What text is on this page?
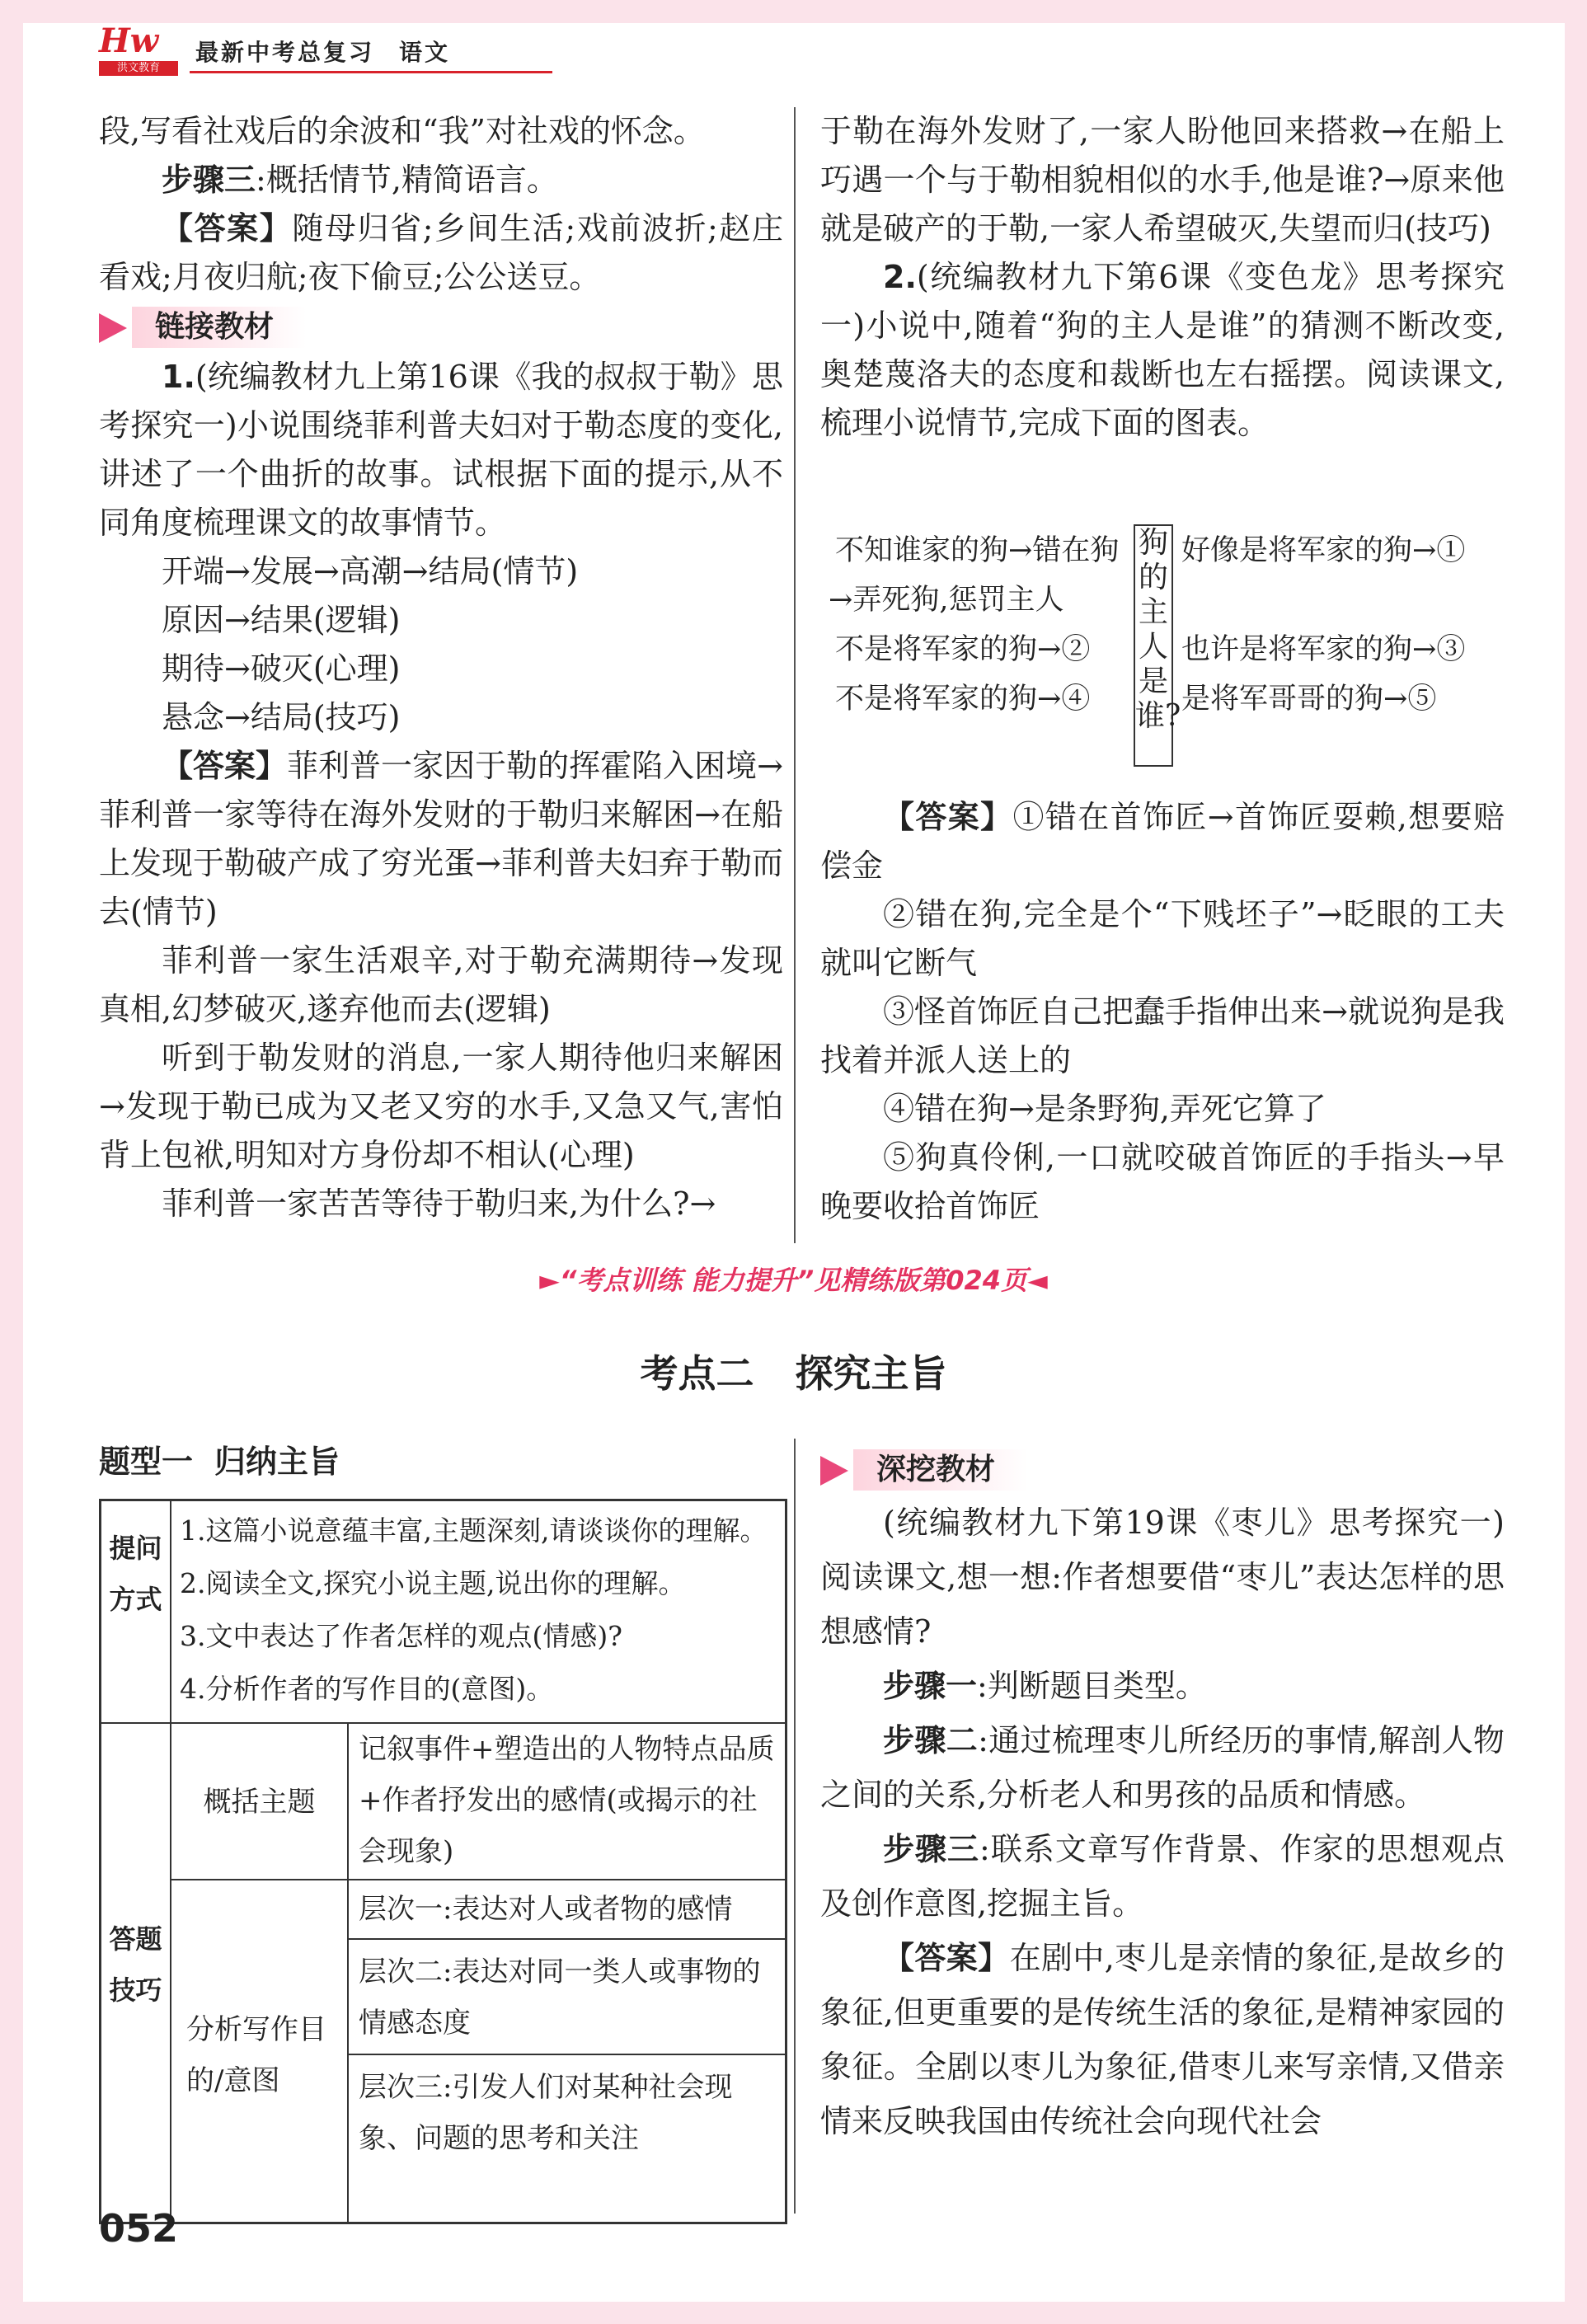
Hw
洪文教育
最新中考总复习 语文

段,写看社戏后的余波和“我”对社戏的怀念。

步骤三:概括情节,精简语言。

【答案】随母归省;乡间生活;戏前波折;赵庄看戏;月夜归航;夜下偷豆;公公送豆。

链接教材

1.(统编教材九上第16课《我的叔叔于勒》思考探究一)小说围绕菲利普夫妇对于勒态度的变化,讲述了一个曲折的故事。试根据下面的提示,从不同角度梳理课文的故事情节。

开端→发展→高潮→结局(情节)

原因→结果(逻辑)

期待→破灭(心理)

悬念→结局(技巧)

【答案】菲利普一家因于勒的挥霍陷入困境→菲利普一家等待在海外发财的于勒归来解困→在船上发现于勒破产成了穷光蛋→菲利普夫妇弃于勒而去(情节)

菲利普一家生活艰辛,对于勒充满期待→发现真相,幻梦破灭,遂弃他而去(逻辑)

听到于勒发财的消息,一家人期待他归来解困→发现于勒已成为又老又穷的水手,又急又气,害怕背上包袱,明知对方身份却不相认(心理)

菲利普一家苦苦等待于勒归来,为什么?→

于勒在海外发财了,一家人盼他回来搭救→在船上巧遇一个与于勒相貌相似的水手,他是谁?→原来他就是破产的于勒,一家人希望破灭,失望而归(技巧)

2.(统编教材九下第6课《变色龙》思考探究一)小说中,随着“狗的主人是谁”的猜测不断改变,奥楚蔑洛夫的态度和裁断也左右摇摆。阅读课文,梳理小说情节,完成下面的图表。

不知谁家的狗→错在狗
→弄死狗,惩罚主人
不是将军家的狗→②
不是将军家的狗→④
狗的主人是谁?
好像是将军家的狗→①
也许是将军家的狗→③
是将军哥哥的狗→⑤

【答案】①错在首饰匠→首饰匠耍赖,想要赔偿金

②错在狗,完全是个“下贱坯子”→眨眼的工夫就叫它断气

③怪首饰匠自己把蠢手指伸出来→就说狗是我找着并派人送上的

④错在狗→是条野狗,弄死它算了

⑤狗真伶俐,一口就咬破首饰匠的手指头→早晚要收拾首饰匠

►“考点训练 能力提升”见精练版第024页◄
考点二 探究主旨
题型一 归纳主旨
提问方式
1.这篇小说意蕴丰富,主题深刻,请谈谈你的理解。
2.阅读全文,探究小说主题,说出你的理解。
3.文中表达了作者怎样的观点(情感)?
4.分析作者的写作目的(意图)。
答题技巧
概括主题
记叙事件+塑造出的人物特点品质+作者抒发出的感情(或揭示的社会现象)
分析写作目的/意图
层次一:表达对人或者物的感情
层次二:表达对同一类人或事物的情感态度
层次三:引发人们对某种社会现象、问题的思考和关注
深挖教材

(统编教材九下第19课《枣儿》思考探究一)阅读课文,想一想:作者想要借“枣儿”表达怎样的思想感情?

步骤一:判断题目类型。

步骤二:通过梳理枣儿所经历的事情,解剖人物之间的关系,分析老人和男孩的品质和情感。

步骤三:联系文章写作背景、作家的思想观点及创作意图,挖掘主旨。

【答案】在剧中,枣儿是亲情的象征,是故乡的象征,但更重要的是传统生活的象征,是精神家园的象征。全剧以枣儿为象征,借枣儿来写亲情,又借亲情来反映我国由传统社会向现代社会

052
